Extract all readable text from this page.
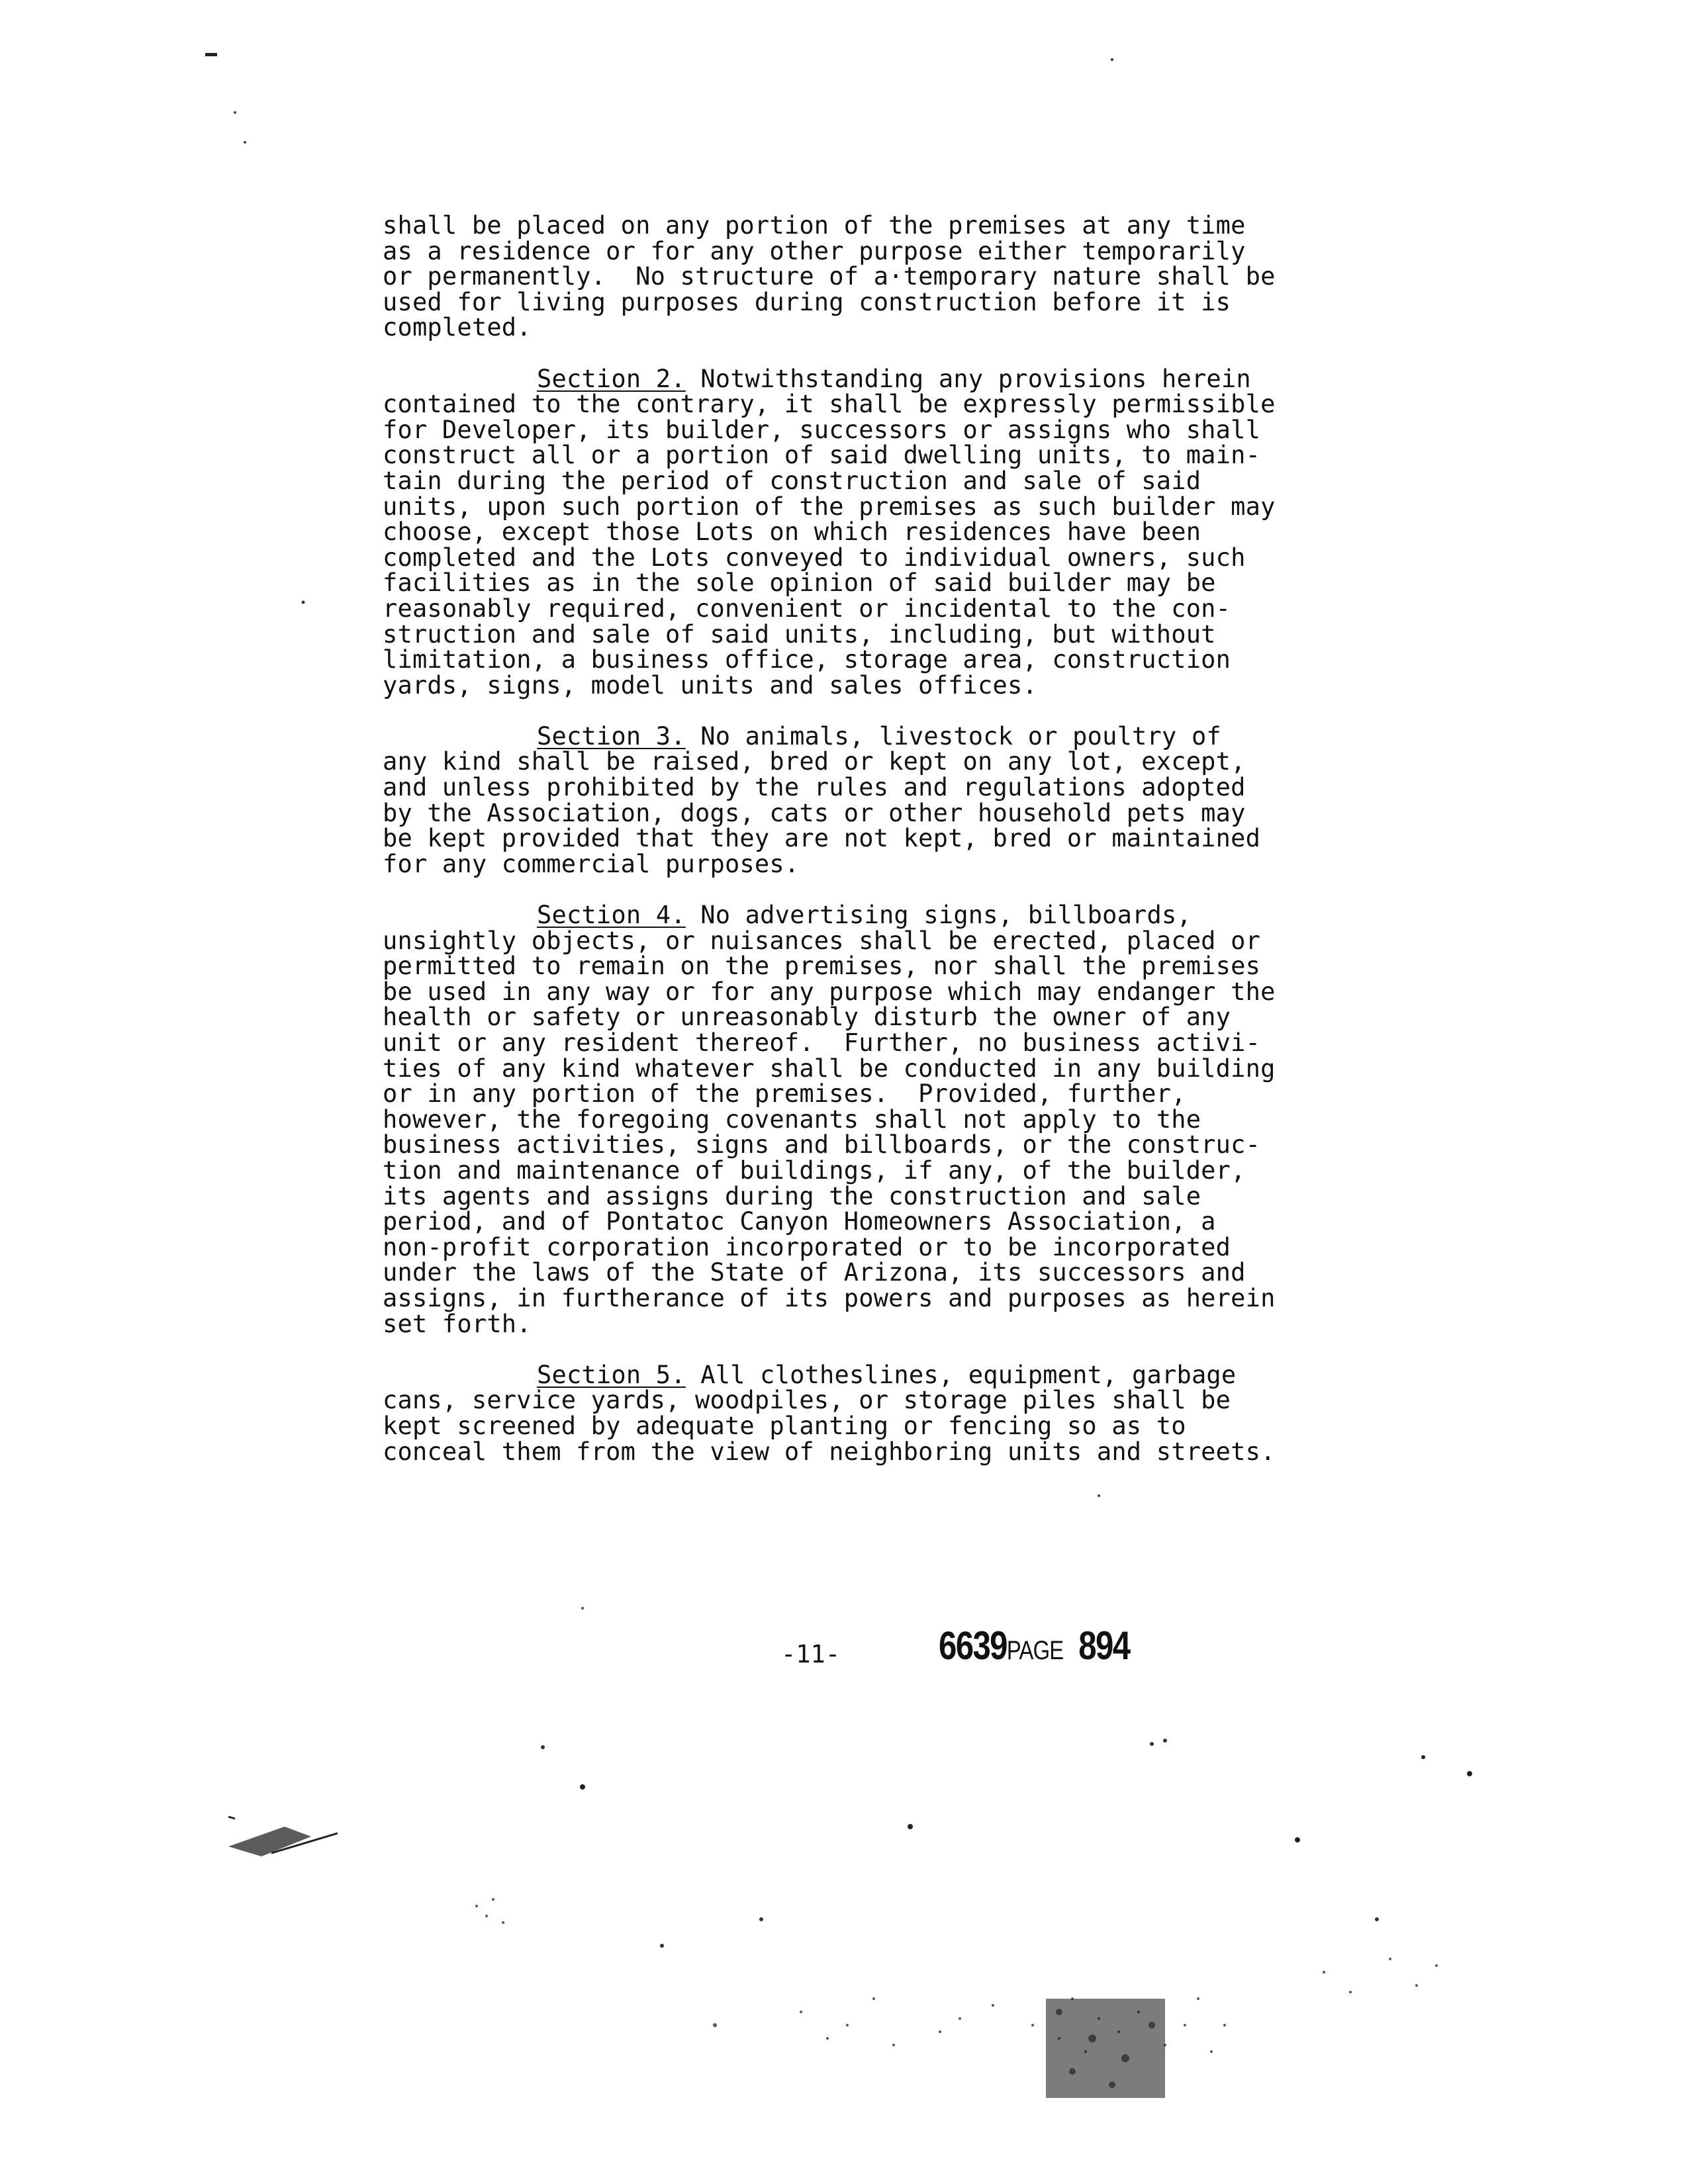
shall be placed on any portion of the premises at any time
as a residence or for any other purpose either temporarily
or permanently.  No structure of a·temporary nature shall be
used for living purposes during construction before it is
completed.
Section 2. Notwithstanding any provisions herein
contained to the contrary, it shall be expressly permissible
for Developer, its builder, successors or assigns who shall
construct all or a portion of said dwelling units, to main-
tain during the period of construction and sale of said
units, upon such portion of the premises as such builder may
choose, except those Lots on which residences have been
completed and the Lots conveyed to individual owners, such
facilities as in the sole opinion of said builder may be
reasonably required, convenient or incidental to the con-
struction and sale of said units, including, but without
limitation, a business office, storage area, construction
yards, signs, model units and sales offices.
Section 3. No animals, livestock or poultry of
any kind shall be raised, bred or kept on any lot, except,
and unless prohibited by the rules and regulations adopted
by the Association, dogs, cats or other household pets may
be kept provided that they are not kept, bred or maintained
for any commercial purposes.
Section 4. No advertising signs, billboards,
unsightly objects, or nuisances shall be erected, placed or
permitted to remain on the premises, nor shall the premises
be used in any way or for any purpose which may endanger the
health or safety or unreasonably disturb the owner of any
unit or any resident thereof.  Further, no business activi-
ties of any kind whatever shall be conducted in any building
or in any portion of the premises.  Provided, further,
however, the foregoing covenants shall not apply to the
business activities, signs and billboards, or the construc-
tion and maintenance of buildings, if any, of the builder,
its agents and assigns during the construction and sale
period, and of Pontatoc Canyon Homeowners Association, a
non-profit corporation incorporated or to be incorporated
under the laws of the State of Arizona, its successors and
assigns, in furtherance of its powers and purposes as herein
set forth.
Section 5. All clotheslines, equipment, garbage
cans, service yards, woodpiles, or storage piles shall be
kept screened by adequate planting or fencing so as to
conceal them from the view of neighboring units and streets.
-11- 6639PAGE 894
